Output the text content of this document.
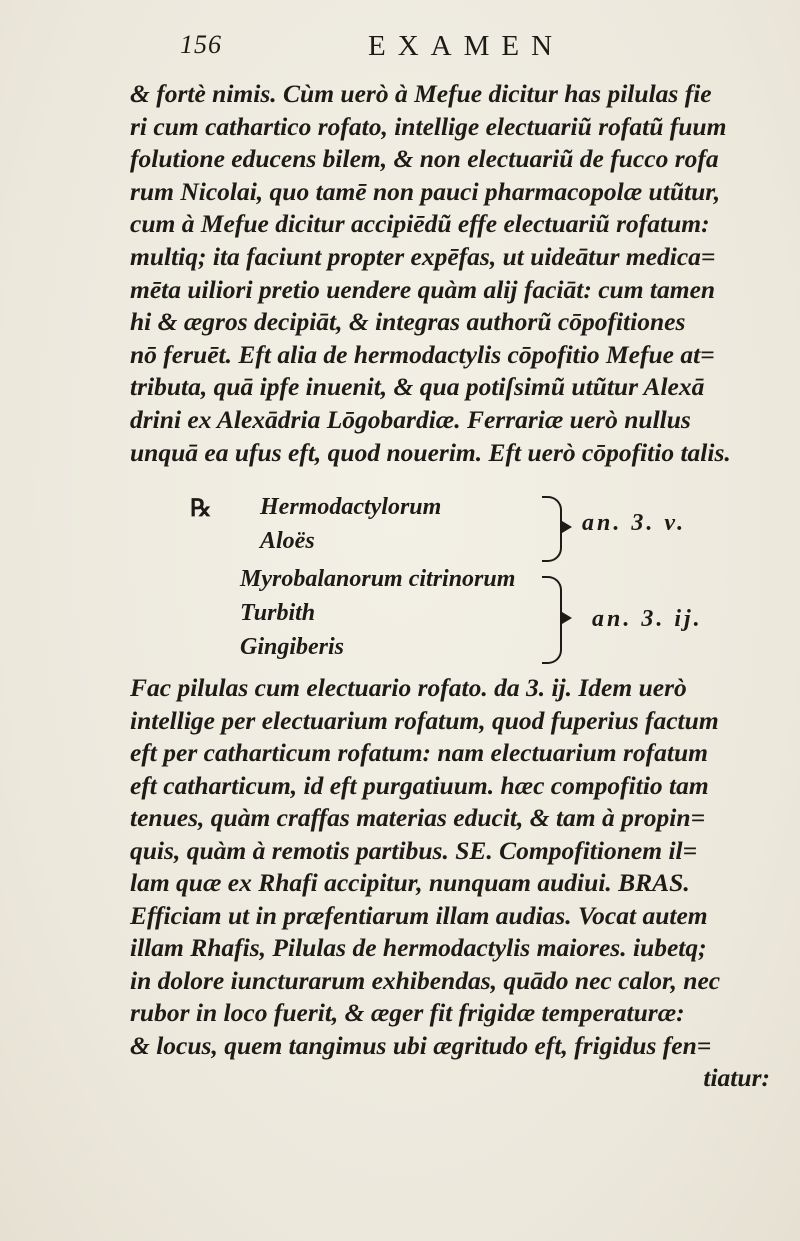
156	EXAMEN
& fortè nimis. Cùm uerò à Mefue dicitur has pilulas fie
ri cum cathartico rofato, intellige electuariũ rofatũ fuum
folutione educens bilem, & non electuariũ de fucco rofa
rum Nicolai, quo tamē non pauci pharmacopolæ utũtur,
cum à Mefue dicitur accipiēdũ effe electuariũ rofatum:
multiq; ita faciunt propter expēfas, ut uideātur medica=
mēta uiliori pretio uendere quàm alij faciāt: cum tamen
hi & ægros decipiāt, & integras authorũ cōpofitiones
nō feruēt. Eft alia de hermodactylis cōpofitio Mefue at=
tributa, quā ipfe inuenit, & qua potiſsimũ utũtur Alexā
drini ex Alexādria Lōgobardiæ. Ferrariæ uerò nullus
unquā ea ufus eft, quod nouerim. Eft uerò cōpofitio talis.
℞ Hermodactylorum
Aloës
an. 3. v.
Myrobalanorum citrinorum
Turbith
Gingiberis
an. 3. ij.
Fac pilulas cum electuario rofato. da 3. ij. Idem uerò
intellige per electuarium rofatum, quod fuperius factum
eft per catharticum rofatum: nam electuarium rofatum
eft catharticum, id eft purgatiuum. hæc compofitio tam
tenues, quàm craffas materias educit, & tam à propin=
quis, quàm à remotis partibus. SE. Compofitionem il=
lam quæ ex Rhafi accipitur, nunquam audiui. BRAS.
Efficiam ut in præfentiarum illam audias. Vocat autem
illam Rhafis, Pilulas de hermodactylis maiores. iubetq;
in dolore iuncturarum exhibendas, quādo nec calor, nec
rubor in loco fuerit, & æger fit frigidæ temperaturæ:
& locus, quem tangimus ubi ægritudo eft, frigidus fen=
tiatur:
